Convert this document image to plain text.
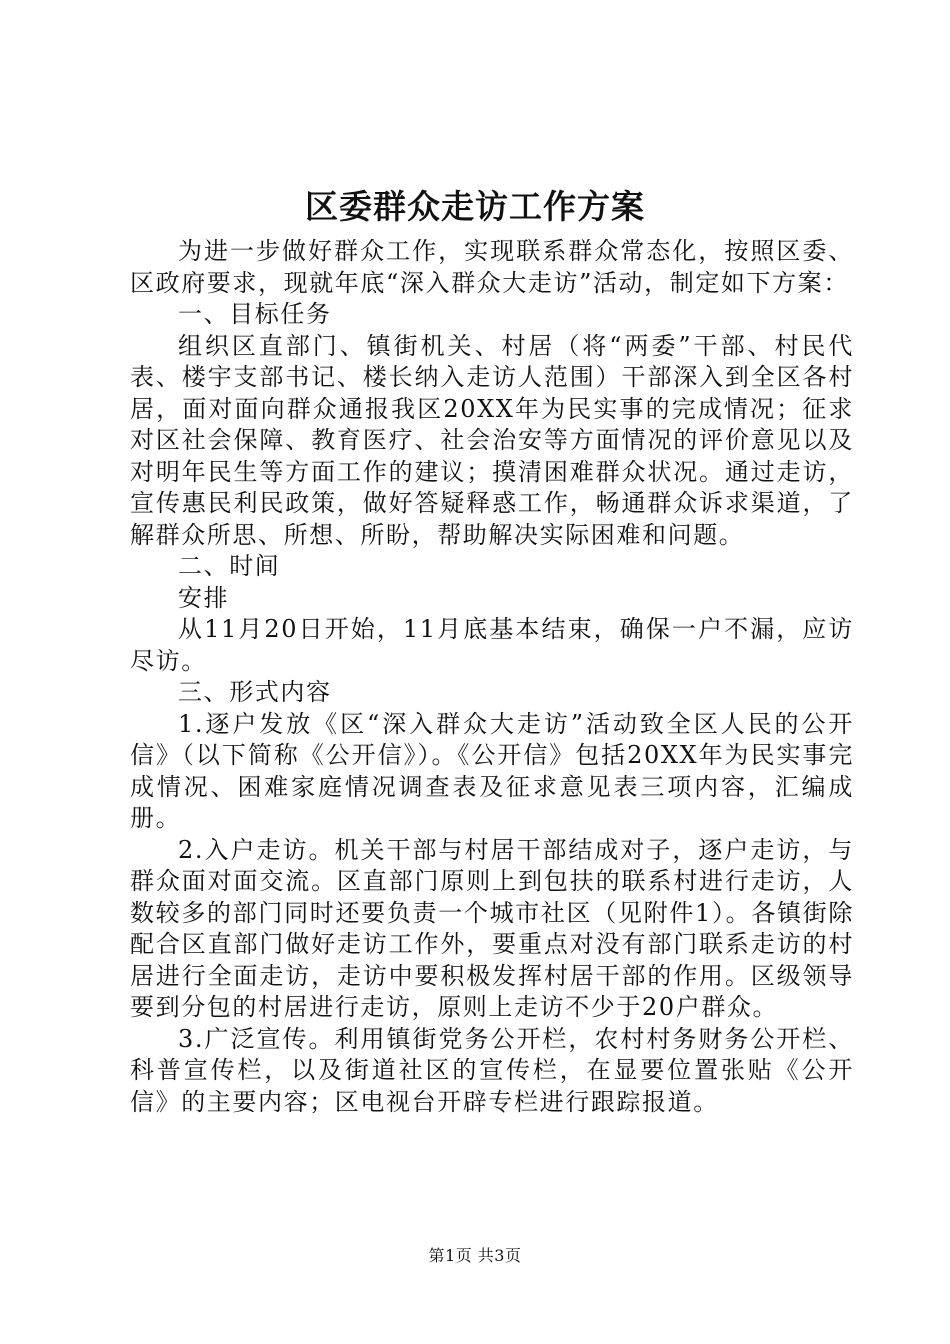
区委群众走访工作方案

为进一步做好群众工作，实现联系群众常态化，按照区委、区政府要求，现就年底“深入群众大走访”活动，制定如下方案：

一、目标任务

组织区直部门、镇街机关、村居（将“两委”干部、村民代表、楼宇支部书记、楼长纳入走访人范围）干部深入到全区各村居，面对面向群众通报我区20XX年为民实事的完成情况；征求对区社会保障、教育医疗、社会治安等方面情况的评价意见以及对明年民生等方面工作的建议；摸清困难群众状况。通过走访，宣传惠民利民政策，做好答疑释惑工作，畅通群众诉求渠道，了解群众所思、所想、所盼，帮助解决实际困难和问题。

二、时间

安排

从11月20日开始，11月底基本结束，确保一户不漏，应访尽访。

三、形式内容

1.逐户发放《区“深入群众大走访”活动致全区人民的公开信》（以下简称《公开信》）。《公开信》包括20XX年为民实事完成情况、困难家庭情况调查表及征求意见表三项内容，汇编成册。

2.入户走访。机关干部与村居干部结成对子，逐户走访，与群众面对面交流。区直部门原则上到包扶的联系村进行走访，人数较多的部门同时还要负责一个城市社区（见附件1）。各镇街除配合区直部门做好走访工作外，要重点对没有部门联系走访的村居进行全面走访，走访中要积极发挥村居干部的作用。区级领导要到分包的村居进行走访，原则上走访不少于20户群众。

3.广泛宣传。利用镇街党务公开栏，农村村务财务公开栏、科普宣传栏，以及街道社区的宣传栏，在显要位置张贴《公开信》的主要内容；区电视台开辟专栏进行跟踪报道。

第1页 共3页
